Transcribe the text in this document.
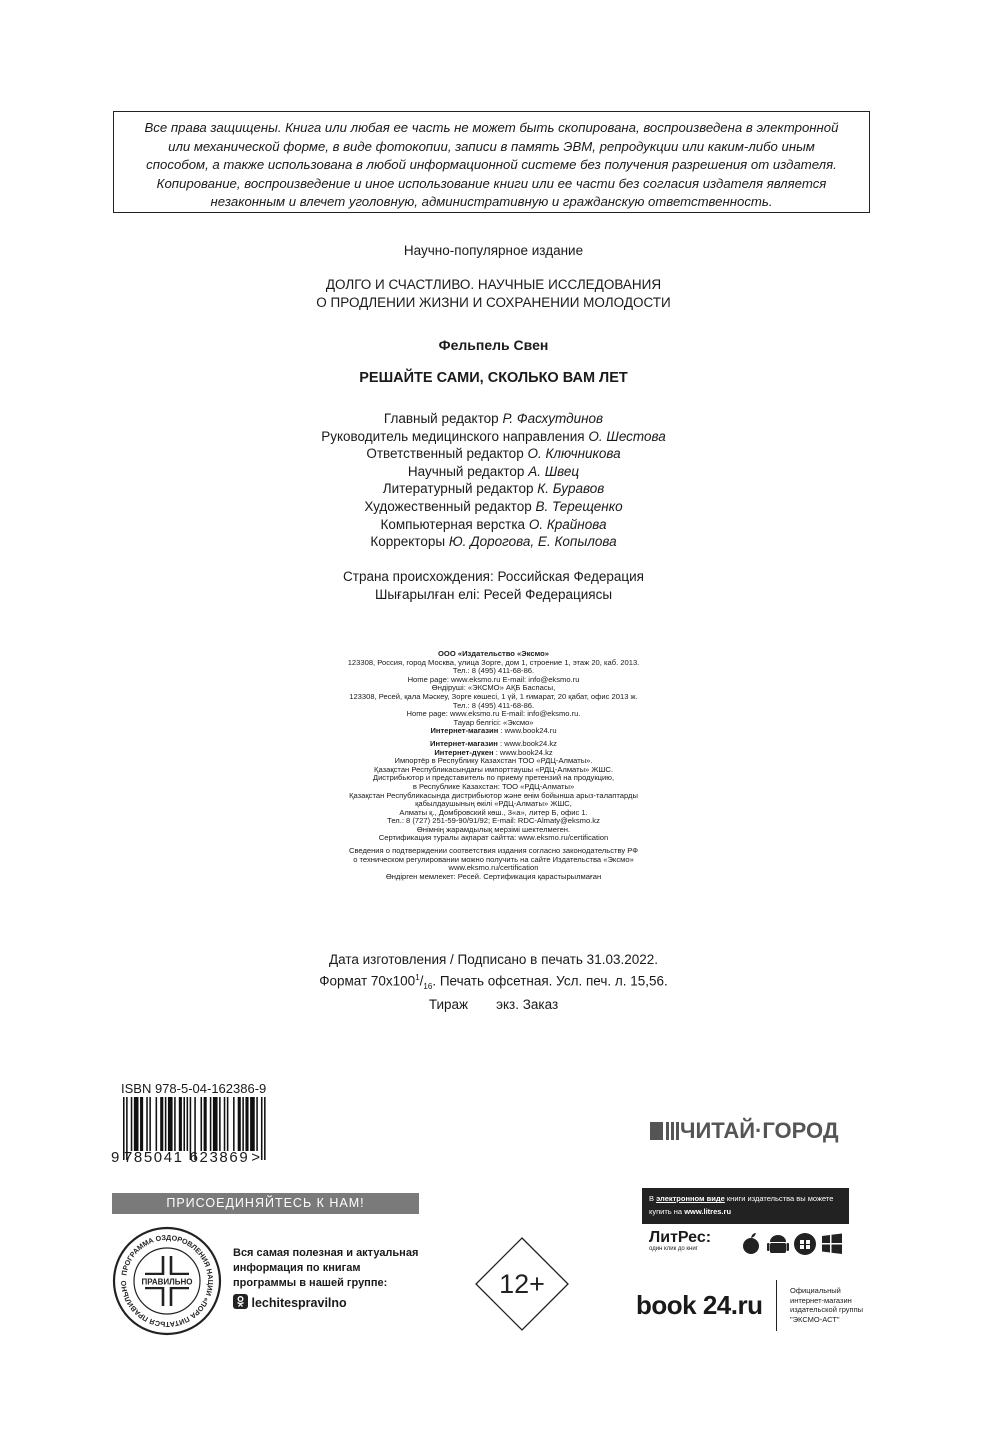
Все права защищены. Книга или любая ее часть не может быть скопирована, воспроизведена в электронной
или механической форме, в виде фотокопии, записи в память ЭВМ, репродукции или каким-либо иным
способом, а также использована в любой информационной системе без получения разрешения от издателя.
Копирование, воспроизведение и иное использование книги или ее части без согласия издателя является
незаконным и влечет уголовную, административную и гражданскую ответственность.
Научно-популярное издание
ДОЛГО И СЧАСТЛИВО. НАУЧНЫЕ ИССЛЕДОВАНИЯ
О ПРОДЛЕНИИ ЖИЗНИ И СОХРАНЕНИИ МОЛОДОСТИ
Фельпель Свен
РЕШАЙТЕ САМИ, СКОЛЬКО ВАМ ЛЕТ
Главный редактор Р. Фасхутдинов
Руководитель медицинского направления О. Шестова
Ответственный редактор О. Ключникова
Научный редактор А. Швец
Литературный редактор К. Буравов
Художественный редактор В. Терещенко
Компьютерная верстка О. Крайнова
Корректоры Ю. Дорогова, Е. Копылова
Страна происхождения: Российская Федерация
Шығарылған елі: Ресей Федерациясы
ООО «Издательство «Эксмо»
123308, Россия, город Москва, улица Зорге, дом 1, строение 1, этаж 20, каб. 2013.
Тел.: 8 (495) 411-68-86.
Home page: www.eksmo.ru E-mail: info@eksmo.ru
Өндіруші: «ЭКСМО» АҚБ Баспасы,
123308, Ресей, қала Мәскеу, Зорге көшесі, 1 үй, 1 ғимарат, 20 қабат, офис 2013 ж.
Тел.: 8 (495) 411-68-86.
Home page: www.eksmo.ru E-mail: info@eksmo.ru.
Тауар белгісі: «Эксмо»
Интернет-магазин : www.book24.ru
Интернет-магазин : www.book24.kz
Интернет-дүкен : www.book24.kz
Импортёр в Республику Казахстан ТОО «РДЦ-Алматы».
Қазақстан Республикасындағы импорттаушы «РДЦ-Алматы» ЖШС.
Дистрибьютор и представитель по приему претензий на продукцию,
в Республике Казахстан: ТОО «РДЦ-Алматы»
Қазақстан Республикасында дистрибьютор және өнім бойынша арыз-талаптарды
қабылдаушының өкілі «РДЦ-Алматы» ЖШС,
Алматы қ., Домбровский көш., 3«а», литер Б, офис 1.
Тел.: 8 (727) 251-59-90/91/92; E-mail: RDC-Almaty@eksmo.kz
Өнімнің жарамдылық мерзімі шектелмеген.
Сертификация туралы ақпарат сайтта: www.eksmo.ru/certification
Сведения о подтверждении соответствия издания согласно законодательству РФ
о техническом регулировании можно получить на сайте Издательства «Эксмо»
www.eksmo.ru/certification
Өндірген мемлекет: Ресей. Сертификация қарастырылмаған
Дата изготовления / Подписано в печать 31.03.2022.
Формат $70x100^1/_{16}$. Печать офсетная. Усл. печ. л. 15,56.
Тираж экз. Заказ
ISBN 978-5-04-162386-9
9 785041 623869 >
ЧИТАЙ·ГОРОД
ПРИСОЕДИНЯЙТЕСЬ К НАМ!
ПРОГРАММА ОЗДОРОВЛЕНИЯ НАЦИИ «ПОРА ПИТАТЬСЯ ПРАВИЛЬНО	ПРАВИЛЬНО
Вся самая полезная и актуальная
информация по книгам
программы в нашей группе:
lechitespravilno
12+
В электронном виде книги издательства вы можете
купить на www.litres.ru
ЛитРес:
один клик до книг
book 24.ru	Официальный
интернет-магазин
издательской группы
"ЭКСМО-АСТ"
